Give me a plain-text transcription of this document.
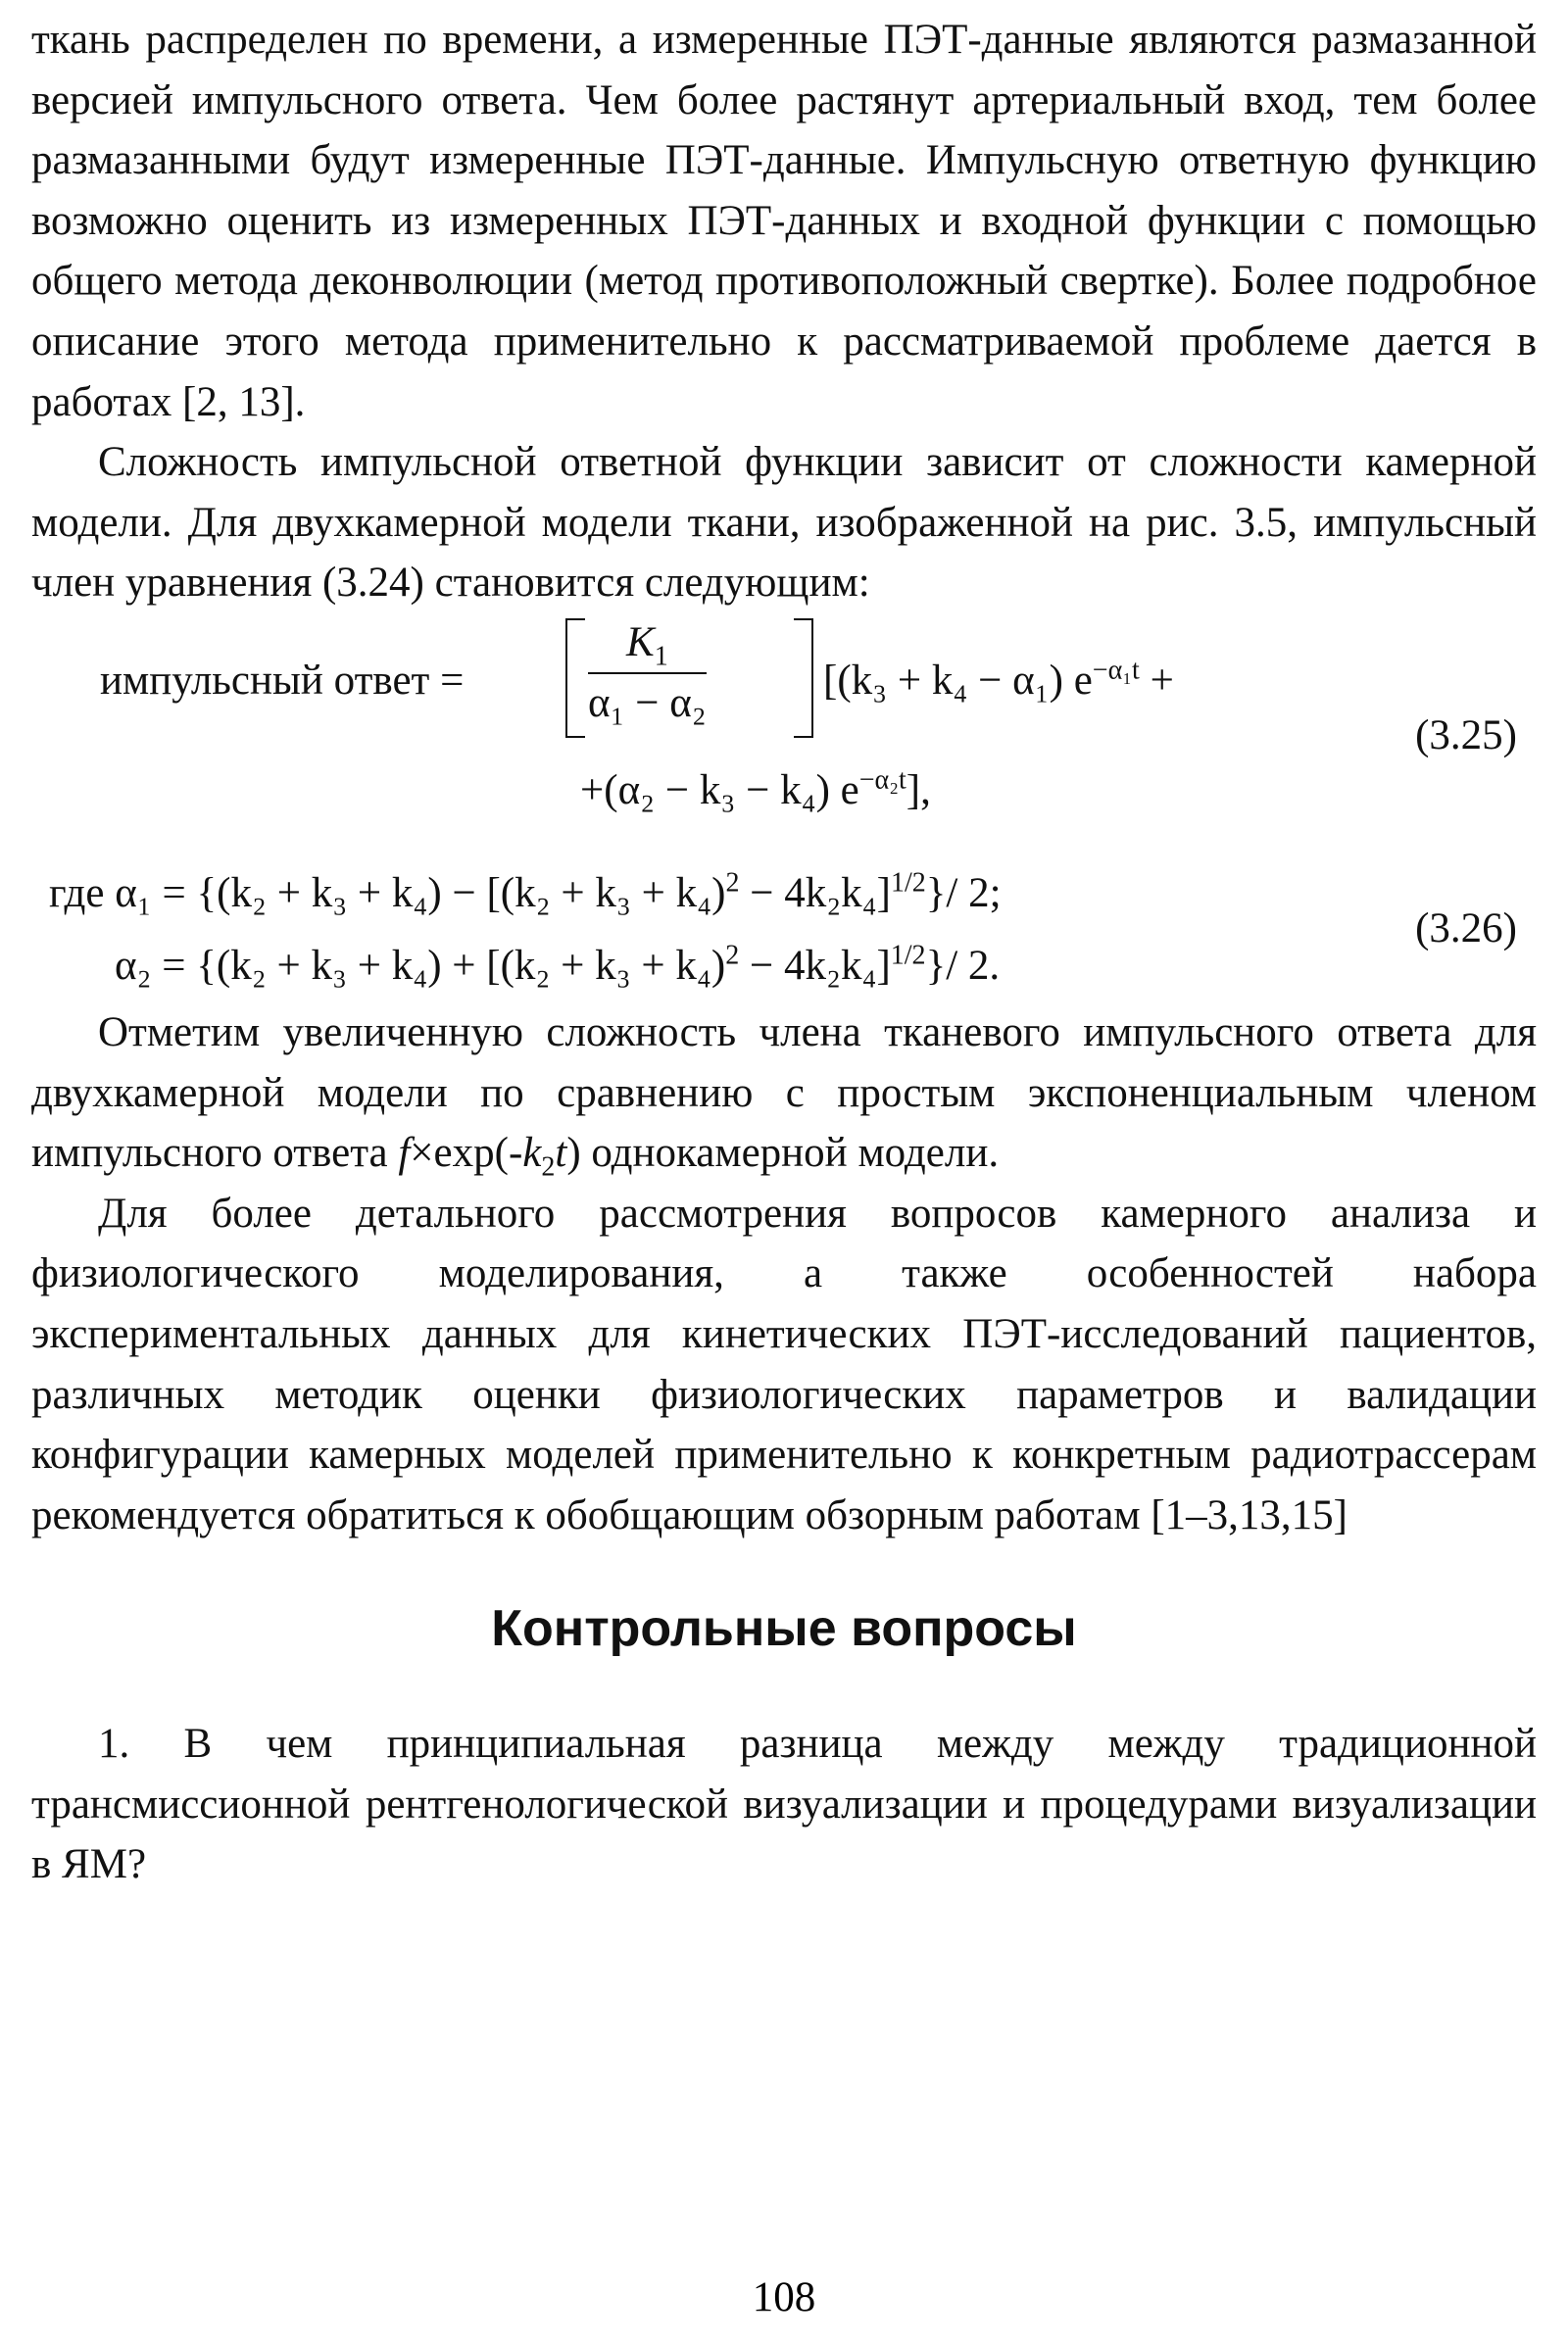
ткань распределен по времени, а измеренные ПЭТ-данные являются размазанной версией импульсного ответа. Чем более растянут артериальный вход, тем более размазанными будут измеренные ПЭТ-данные. Импульсную ответную функцию возможно оценить из измеренных ПЭТ-данных и входной функции с помощью общего метода деконволюции (метод противоположный свертке). Более подробное описание этого метода применительно к рассматриваемой проблеме дается в работах [2, 13].

Сложность импульсной ответной функции зависит от сложности камерной модели. Для двухкамерной модели ткани, изображенной на рис. 3.5, импульсный член уравнения (3.24) становится следующим:

импульсный ответ =	$\frac{K_1}{\text{α₁ − α₂}}$	[(k₃ + k₄ − α₁) $e^{-\alpha_1t}$ +
+(α₂ − k₃ − k₄) $e^{-\alpha_2t}$],
(3.25)
где $\alpha_1 = \{(k_2 + k_3 + k_4) - [(k_2 + k_3 + k_4)^2 - 4k_2k_4]^{1/2}\}/$ 2;
$\alpha_2 = \{(k_2 + k_3 + k_4) + [(k_2 + k_3 + k_4)^2 - 4k_2k_4]^{1/2}\}/$ 2.
(3.26)

Отметим увеличенную сложность члена тканевого импульсного ответа для двухкамерной модели по сравнению с простым экспоненциальным членом импульсного ответа $f\times\exp(-k_2t)$ однокамерной модели.

Для более детального рассмотрения вопросов камерного анализа и физиологического моделирования, а также особенностей набора экспериментальных данных для кинетических ПЭТ-исследований пациентов, различных методик оценки физиологических параметров и валидации конфигурации камерных моделей применительно к конкретным радиотрассерам рекомендуется обратиться к обобщающим обзорным работам [1–3,13,15]

Контрольные вопросы

1. В чем принципиальная разница между между традиционной трансмиссионной рентгенологической визуализации и процедурами визуализации в ЯМ?

108
